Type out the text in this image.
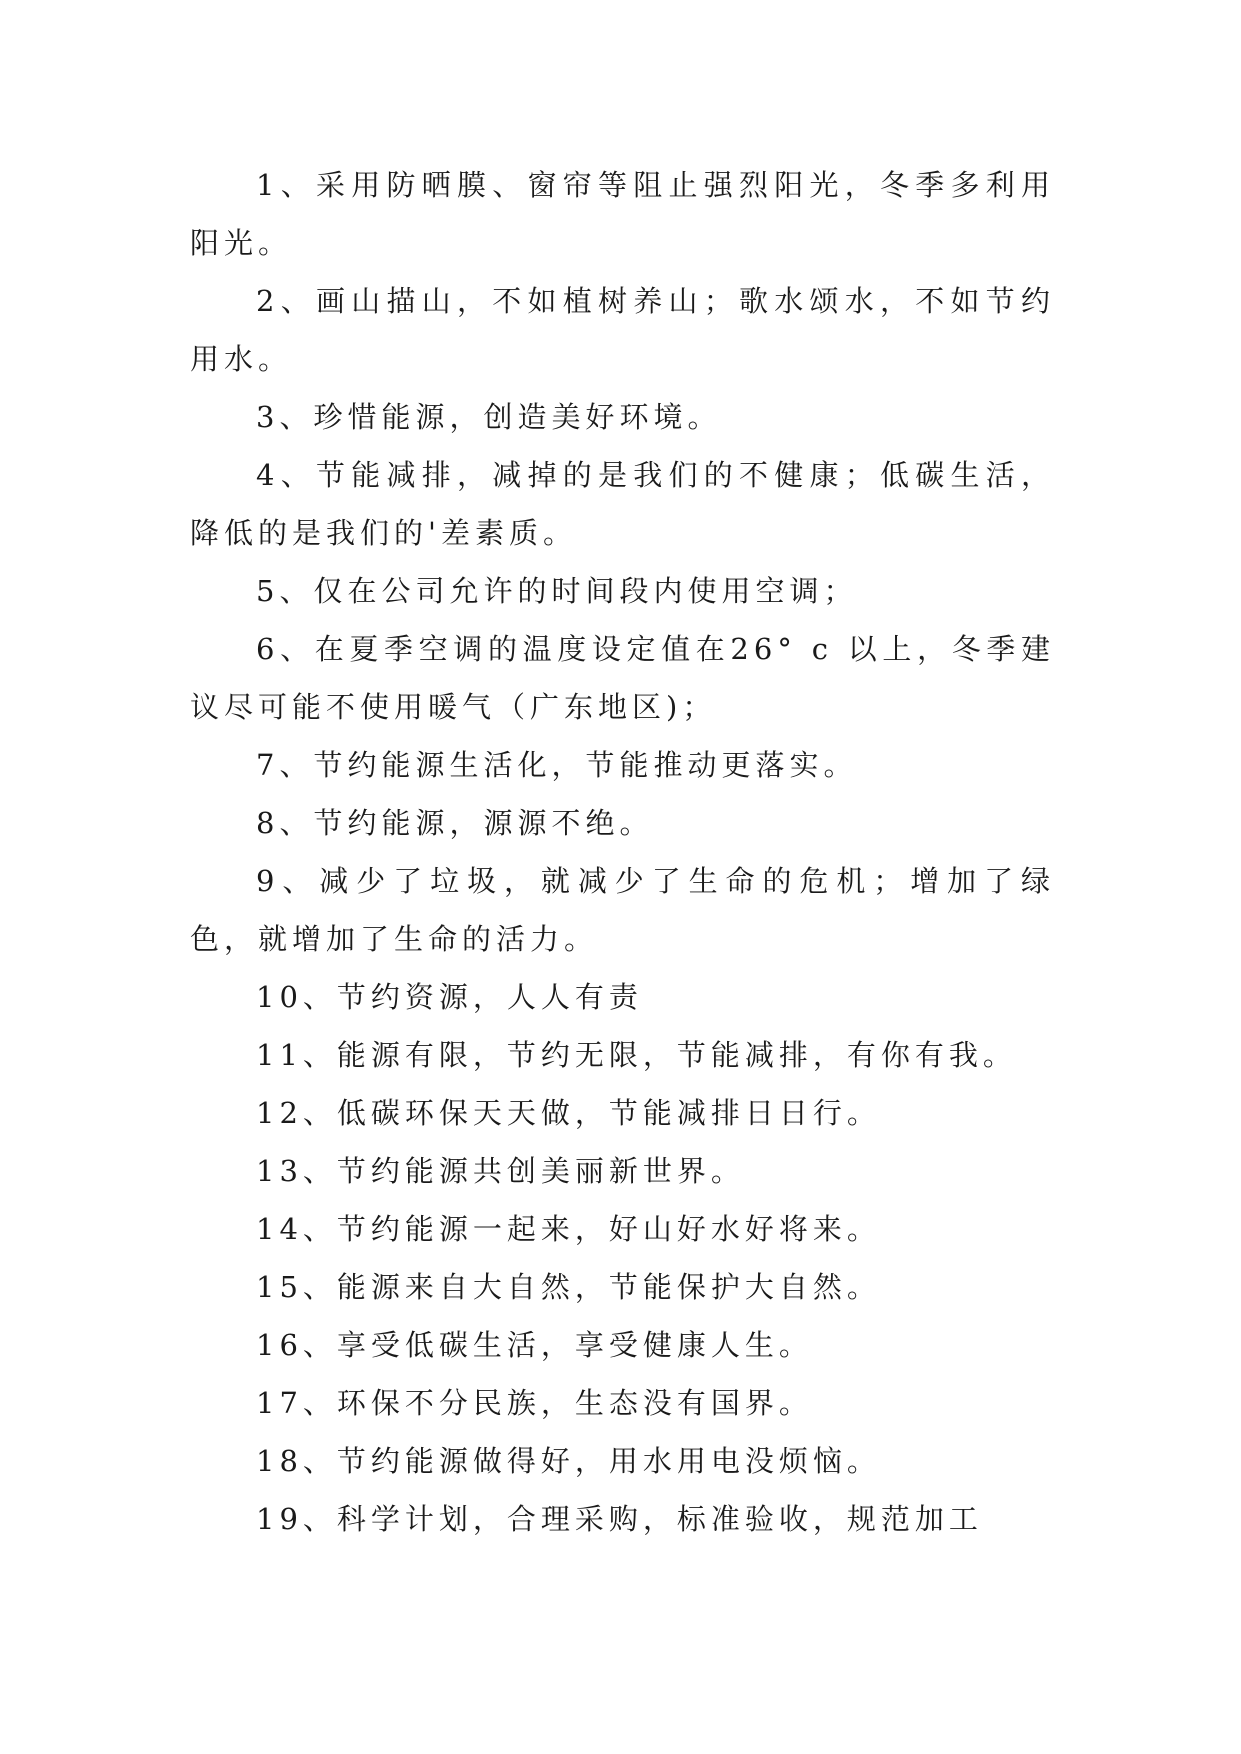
1、采用防晒膜、窗帘等阻止强烈阳光，冬季多利用阳光。

2、画山描山，不如植树养山；歌水颂水，不如节约用水。

3、珍惜能源，创造美好环境。

4、节能减排，减掉的是我们的不健康；低碳生活，降低的是我们的'差素质。

5、仅在公司允许的时间段内使用空调；

6、在夏季空调的温度设定值在26° c 以上，冬季建议尽可能不使用暖气（广东地区)；

7、节约能源生活化，节能推动更落实。

8、节约能源，源源不绝。

9、减少了垃圾，就减少了生命的危机；增加了绿色，就增加了生命的活力。

10、节约资源，人人有责

11、能源有限，节约无限，节能减排，有你有我。

12、低碳环保天天做，节能减排日日行。

13、节约能源共创美丽新世界。

14、节约能源一起来，好山好水好将来。

15、能源来自大自然，节能保护大自然。

16、享受低碳生活，享受健康人生。

17、环保不分民族，生态没有国界。

18、节约能源做得好，用水用电没烦恼。

19、科学计划，合理采购，标准验收，规范加工
